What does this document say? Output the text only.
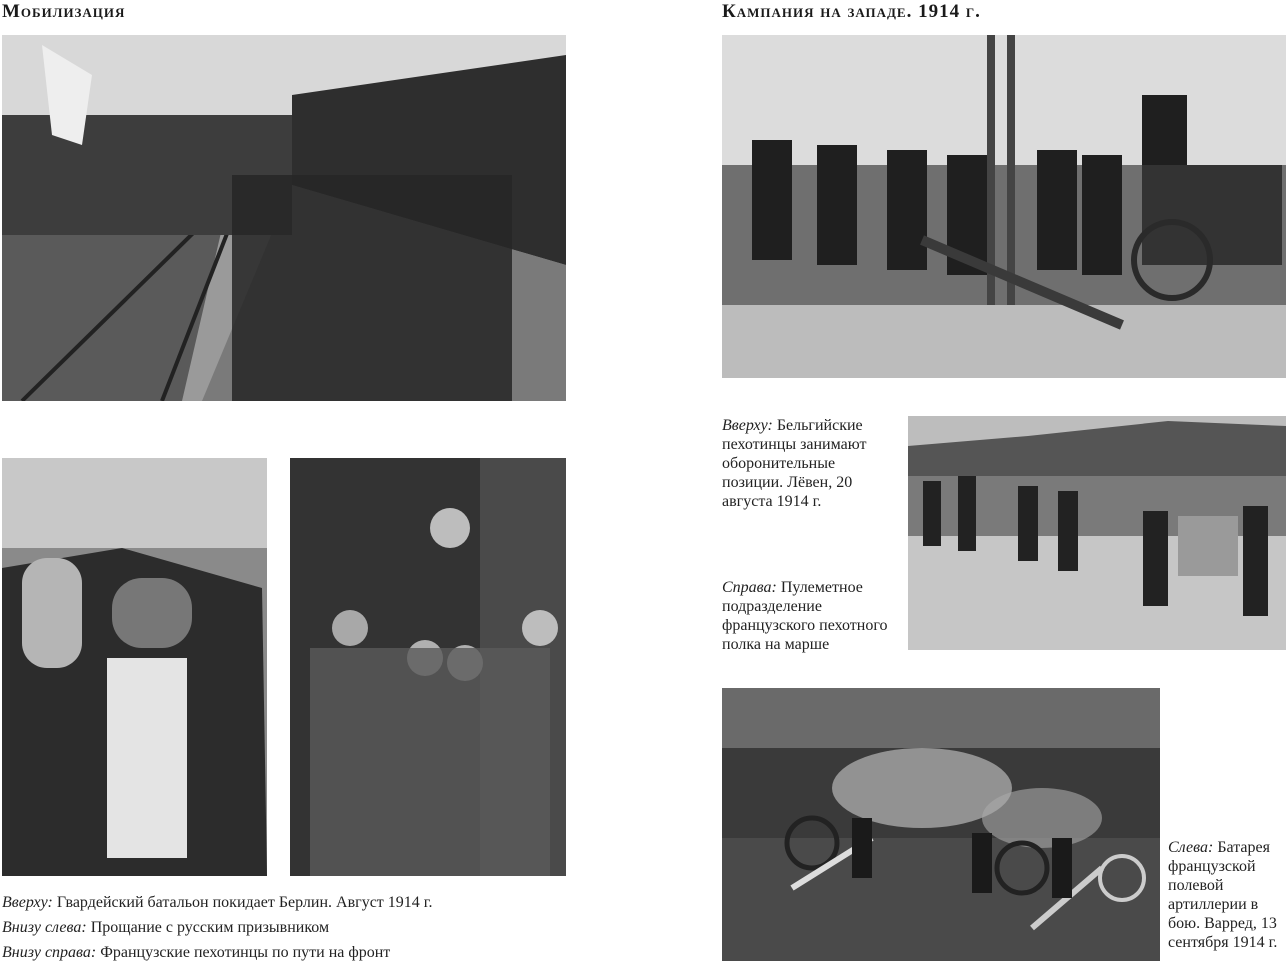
Мобилизация
Вверху: Гвардейский батальон покидает Берлин. Август 1914 г.
Внизу слева: Прощание с русским призывником
Внизу справа: Французские пехотинцы по пути на фронт
Кампания на западе. 1914 г.
Вверху: Бельгийские пехотинцы занимают оборонительные позиции. Лёвен, 20 августа 1914 г.
Справа: Пулеметное подразделение французского пехотного полка на марше
Слева: Батарея французской полевой артиллерии в бою. Варред, 13 сентября 1914 г.
